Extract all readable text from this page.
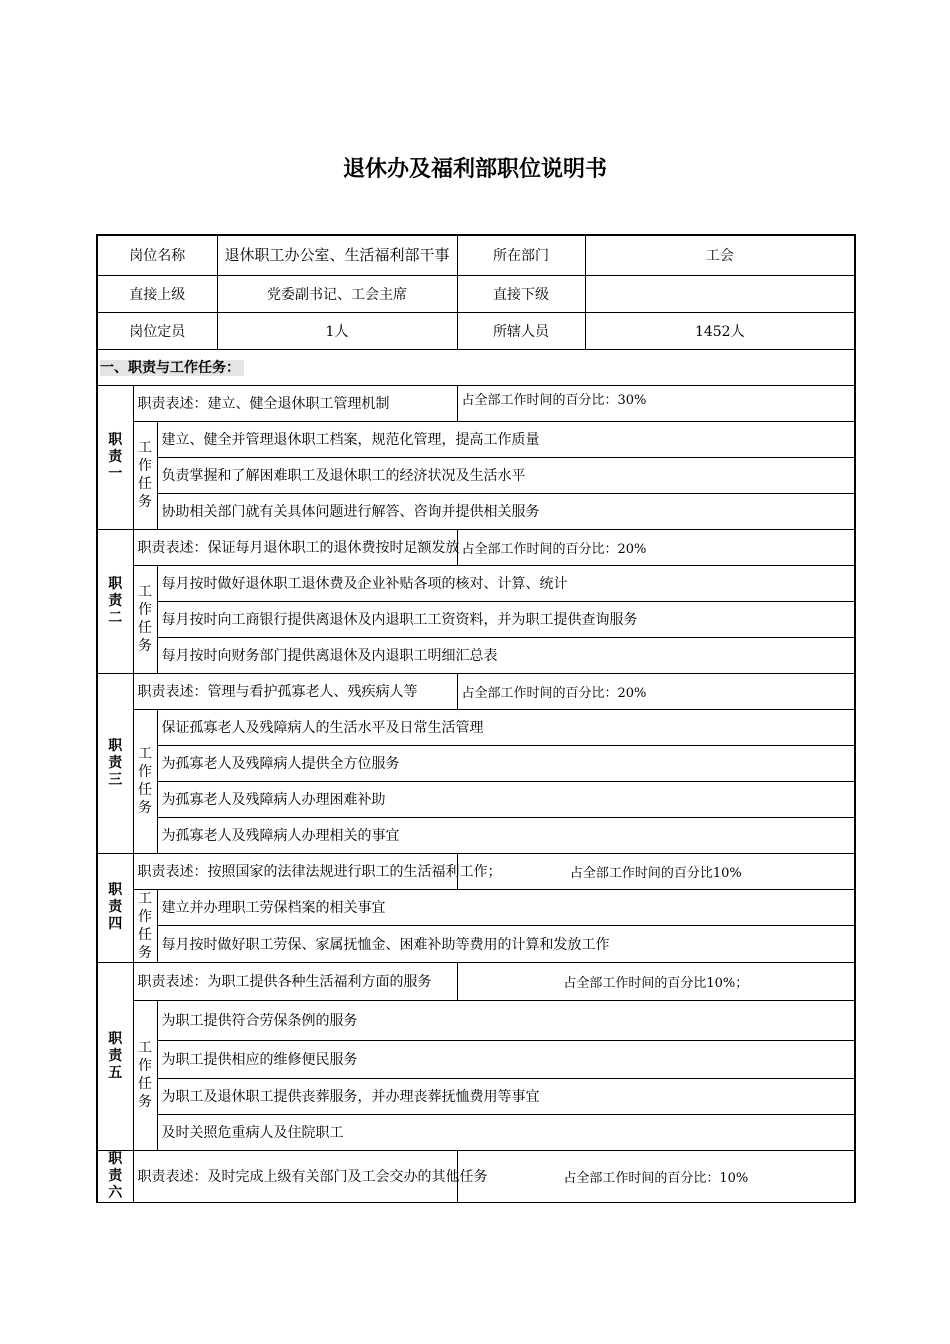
退休办及福利部职位说明书
岗位名称			退休职工办公室、生活福利部干事	所在部门	工会
直接上级			党委副书记、工会主席	直接下级	
岗位定员			1人	所辖人员	1452人
一、职责与工作任务：					

职
责
一	职责表述：建立、健全退休职工管理机制			占全部工作时间的百分比：30%	

	工
作
任
务	建立、健全并管理退休职工档案，规范化管理，提高工作质量			
		负责掌握和了解困难职工及退休职工的经济状况及生活水平			
		协助相关部门就有关具体问题进行解答、咨询并提供相关服务			

职
责
二	职责表述：保证每月退休职工的退休费按时足额发放			占全部工作时间的百分比：20%	

	工
作
任
务	每月按时做好退休职工退休费及企业补贴各项的核对、计算、统计			
		每月按时向工商银行提供离退休及内退职工工资资料，并为职工提供查询服务			
		每月按时向财务部门提供离退休及内退职工明细汇总表			

职
责
三	职责表述：管理与看护孤寡老人、残疾病人等			占全部工作时间的百分比：20%	

	工
作
任
务	保证孤寡老人及残障病人的生活水平及日常生活管理			
		为孤寡老人及残障病人提供全方位服务			
		为孤寡老人及残障病人办理困难补助			
		为孤寡老人及残障病人办理相关的事宜			

职
责
四	职责表述：按照国家的法律法规进行职工的生活福利工作；			占全部工作时间的百分比10%	

	工
作
任
务	建立并办理职工劳保档案的相关事宜			
		每月按时做好职工劳保、家属抚恤金、困难补助等费用的计算和发放工作			

职
责
五	职责表述：为职工提供各种生活福利方面的服务			占全部工作时间的百分比10%；	

	工
作
任
务	为职工提供符合劳保条例的服务			
		为职工提供相应的维修便民服务			
		为职工及退休职工提供丧葬服务，并办理丧葬抚恤费用等事宜			
		及时关照危重病人及住院职工			

职
责
六	职责表述：及时完成上级有关部门及工会交办的其他任务			占全部工作时间的百分比：10%	
